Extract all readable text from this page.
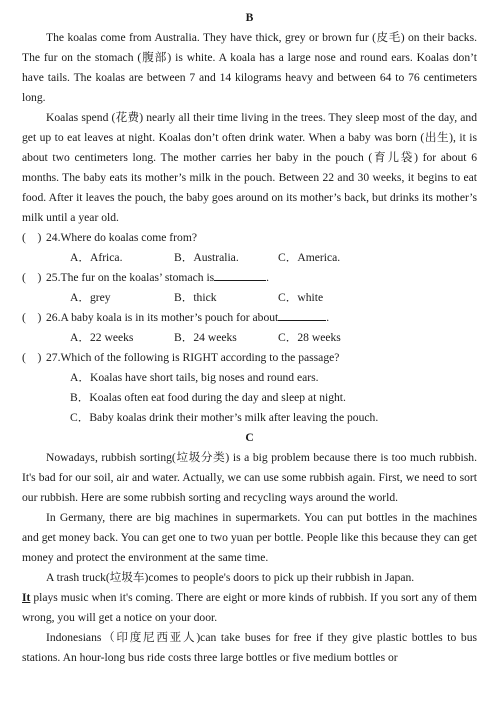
B

The koalas come from Australia. They have thick, grey or brown fur (皮毛) on their backs. The fur on the stomach (腹部) is white. A koala has a large nose and round ears. Koalas don’t have tails. The koalas are between 7 and 14 kilograms heavy and between 64 to 76 centimeters long.

Koalas spend (花费) nearly all their time living in the trees. They sleep most of the day, and get up to eat leaves at night. Koalas don’t often drink water. When a baby was born (出生), it is about two centimeters long. The mother carries her baby in the pouch (育儿袋) for about 6 months. The baby eats its mother’s milk in the pouch. Between 22 and 30 weeks, it begins to eat food. After it leaves the pouch, the baby goes around on its mother’s back, but drinks its mother’s milk until a year old.

(　) 24.Where do koalas come from?

A．Africa.	B．Australia.	C．America.

(　) 25.The fur on the koalas’ stomach is	.

A．grey	B．thick	C．white

(　) 26.A baby koala is in its mother’s pouch for about	.

A．22 weeks	B．24 weeks	C．28 weeks

(　) 27.Which of the following is RIGHT according to the passage?

A．Koalas have short tails, big noses and round ears.

B．Koalas often eat food during the day and sleep at night.

C．Baby koalas drink their mother’s milk after leaving the pouch.

C

Nowadays, rubbish sorting(垃圾分类) is a big problem because there is too much rubbish. It's bad for our soil, air and water. Actually, we can use some rubbish again. First, we need to sort our rubbish. Here are some rubbish sorting and recycling ways around the world.

In Germany, there are big machines in supermarkets. You can put bottles in the machines and get money back. You can get one to two yuan per bottle. People like this because they can get money and protect the environment at the same time.

A trash truck(垃圾车)comes to people's doors to pick up their rubbish in Japan.
It plays music when it's coming. There are eight or more kinds of rubbish. If you sort any of them wrong, you will get a notice on your door.

Indonesians（印度尼西亚人)can take buses for free if they give plastic bottles to bus stations. An hour-long bus ride costs three large bottles or five medium bottles or
